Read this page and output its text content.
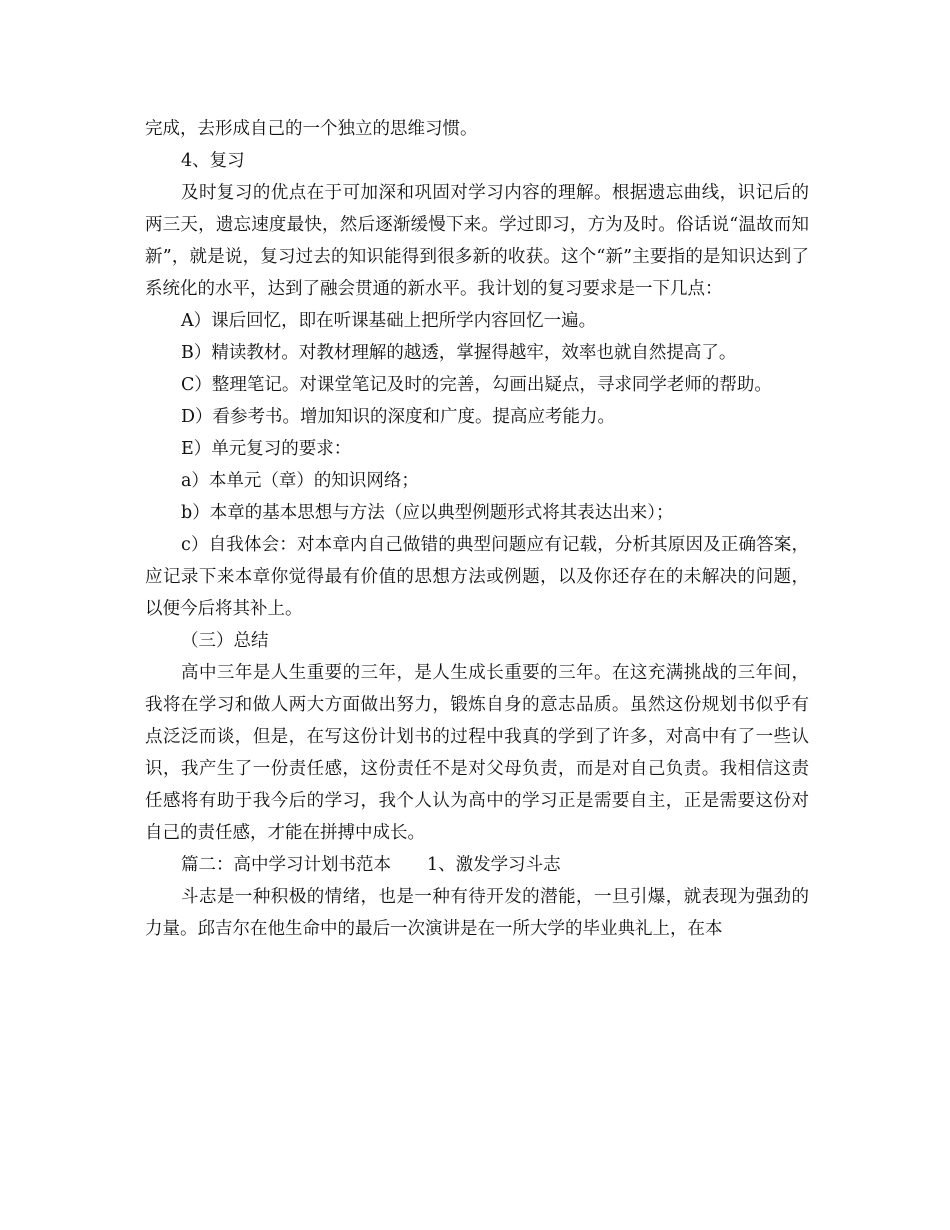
完成，去形成自己的一个独立的思维习惯。

4、复习

及时复习的优点在于可加深和巩固对学习内容的理解。根据遗忘曲线，识记后的两三天，遗忘速度最快，然后逐渐缓慢下来。学过即习，方为及时。俗话说“温故而知新”，就是说，复习过去的知识能得到很多新的收获。这个“新”主要指的是知识达到了系统化的水平，达到了融会贯通的新水平。我计划的复习要求是一下几点：

A）课后回忆，即在听课基础上把所学内容回忆一遍。

B）精读教材。对教材理解的越透，掌握得越牢，效率也就自然提高了。

C）整理笔记。对课堂笔记及时的完善，勾画出疑点，寻求同学老师的帮助。

D）看参考书。增加知识的深度和广度。提高应考能力。

E）单元复习的要求：

a）本单元（章）的知识网络；

b）本章的基本思想与方法（应以典型例题形式将其表达出来）；

c）自我体会：对本章内自己做错的典型问题应有记载，分析其原因及正确答案，应记录下来本章你觉得最有价值的思想方法或例题，以及你还存在的未解决的问题，以便今后将其补上。

（三）总结

高中三年是人生重要的三年，是人生成长重要的三年。在这充满挑战的三年间，我将在学习和做人两大方面做出努力，锻炼自身的意志品质。虽然这份规划书似乎有点泛泛而谈，但是，在写这份计划书的过程中我真的学到了许多，对高中有了一些认识，我产生了一份责任感，这份责任不是对父母负责，而是对自己负责。我相信这责任感将有助于我今后的学习，我个人认为高中的学习正是需要自主，正是需要这份对自己的责任感，才能在拼搏中成长。

篇二：高中学习计划书范本 1、激发学习斗志

斗志是一种积极的情绪，也是一种有待开发的潜能，一旦引爆，就表现为强劲的力量。邱吉尔在他生命中的最后一次演讲是在一所大学的毕业典礼上，在本
